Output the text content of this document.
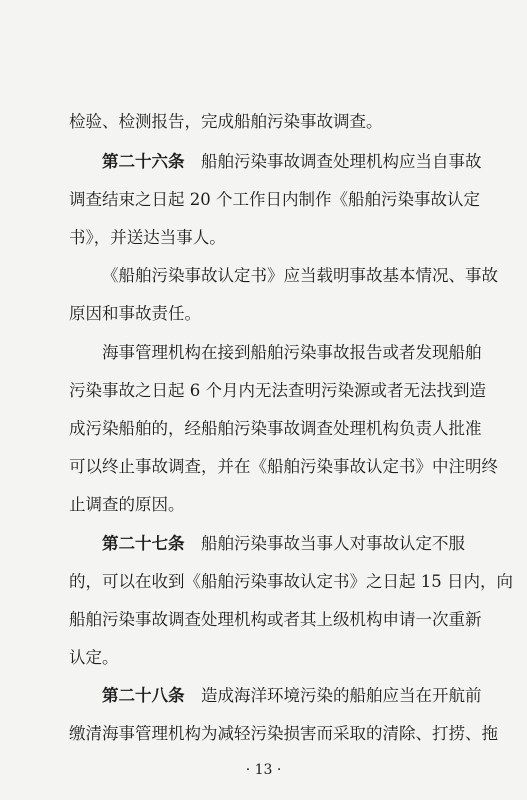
检验、检测报告，完成船舶污染事故调查。
第二十六条　船舶污染事故调查处理机构应当自事故
调查结束之日起 20 个工作日内制作《船舶污染事故认定
书》，并送达当事人。
《船舶污染事故认定书》应当载明事故基本情况、事故
原因和事故责任。
海事管理机构在接到船舶污染事故报告或者发现船舶
污染事故之日起 6 个月内无法查明污染源或者无法找到造
成污染船舶的，经船舶污染事故调查处理机构负责人批准
可以终止事故调查，并在《船舶污染事故认定书》中注明终
止调查的原因。
第二十七条　船舶污染事故当事人对事故认定不服
的，可以在收到《船舶污染事故认定书》之日起 15 日内，向
船舶污染事故调查处理机构或者其上级机构申请一次重新
认定。
第二十八条　造成海洋环境污染的船舶应当在开航前
缴清海事管理机构为减轻污染损害而采取的清除、打捞、拖
· 13 ·
